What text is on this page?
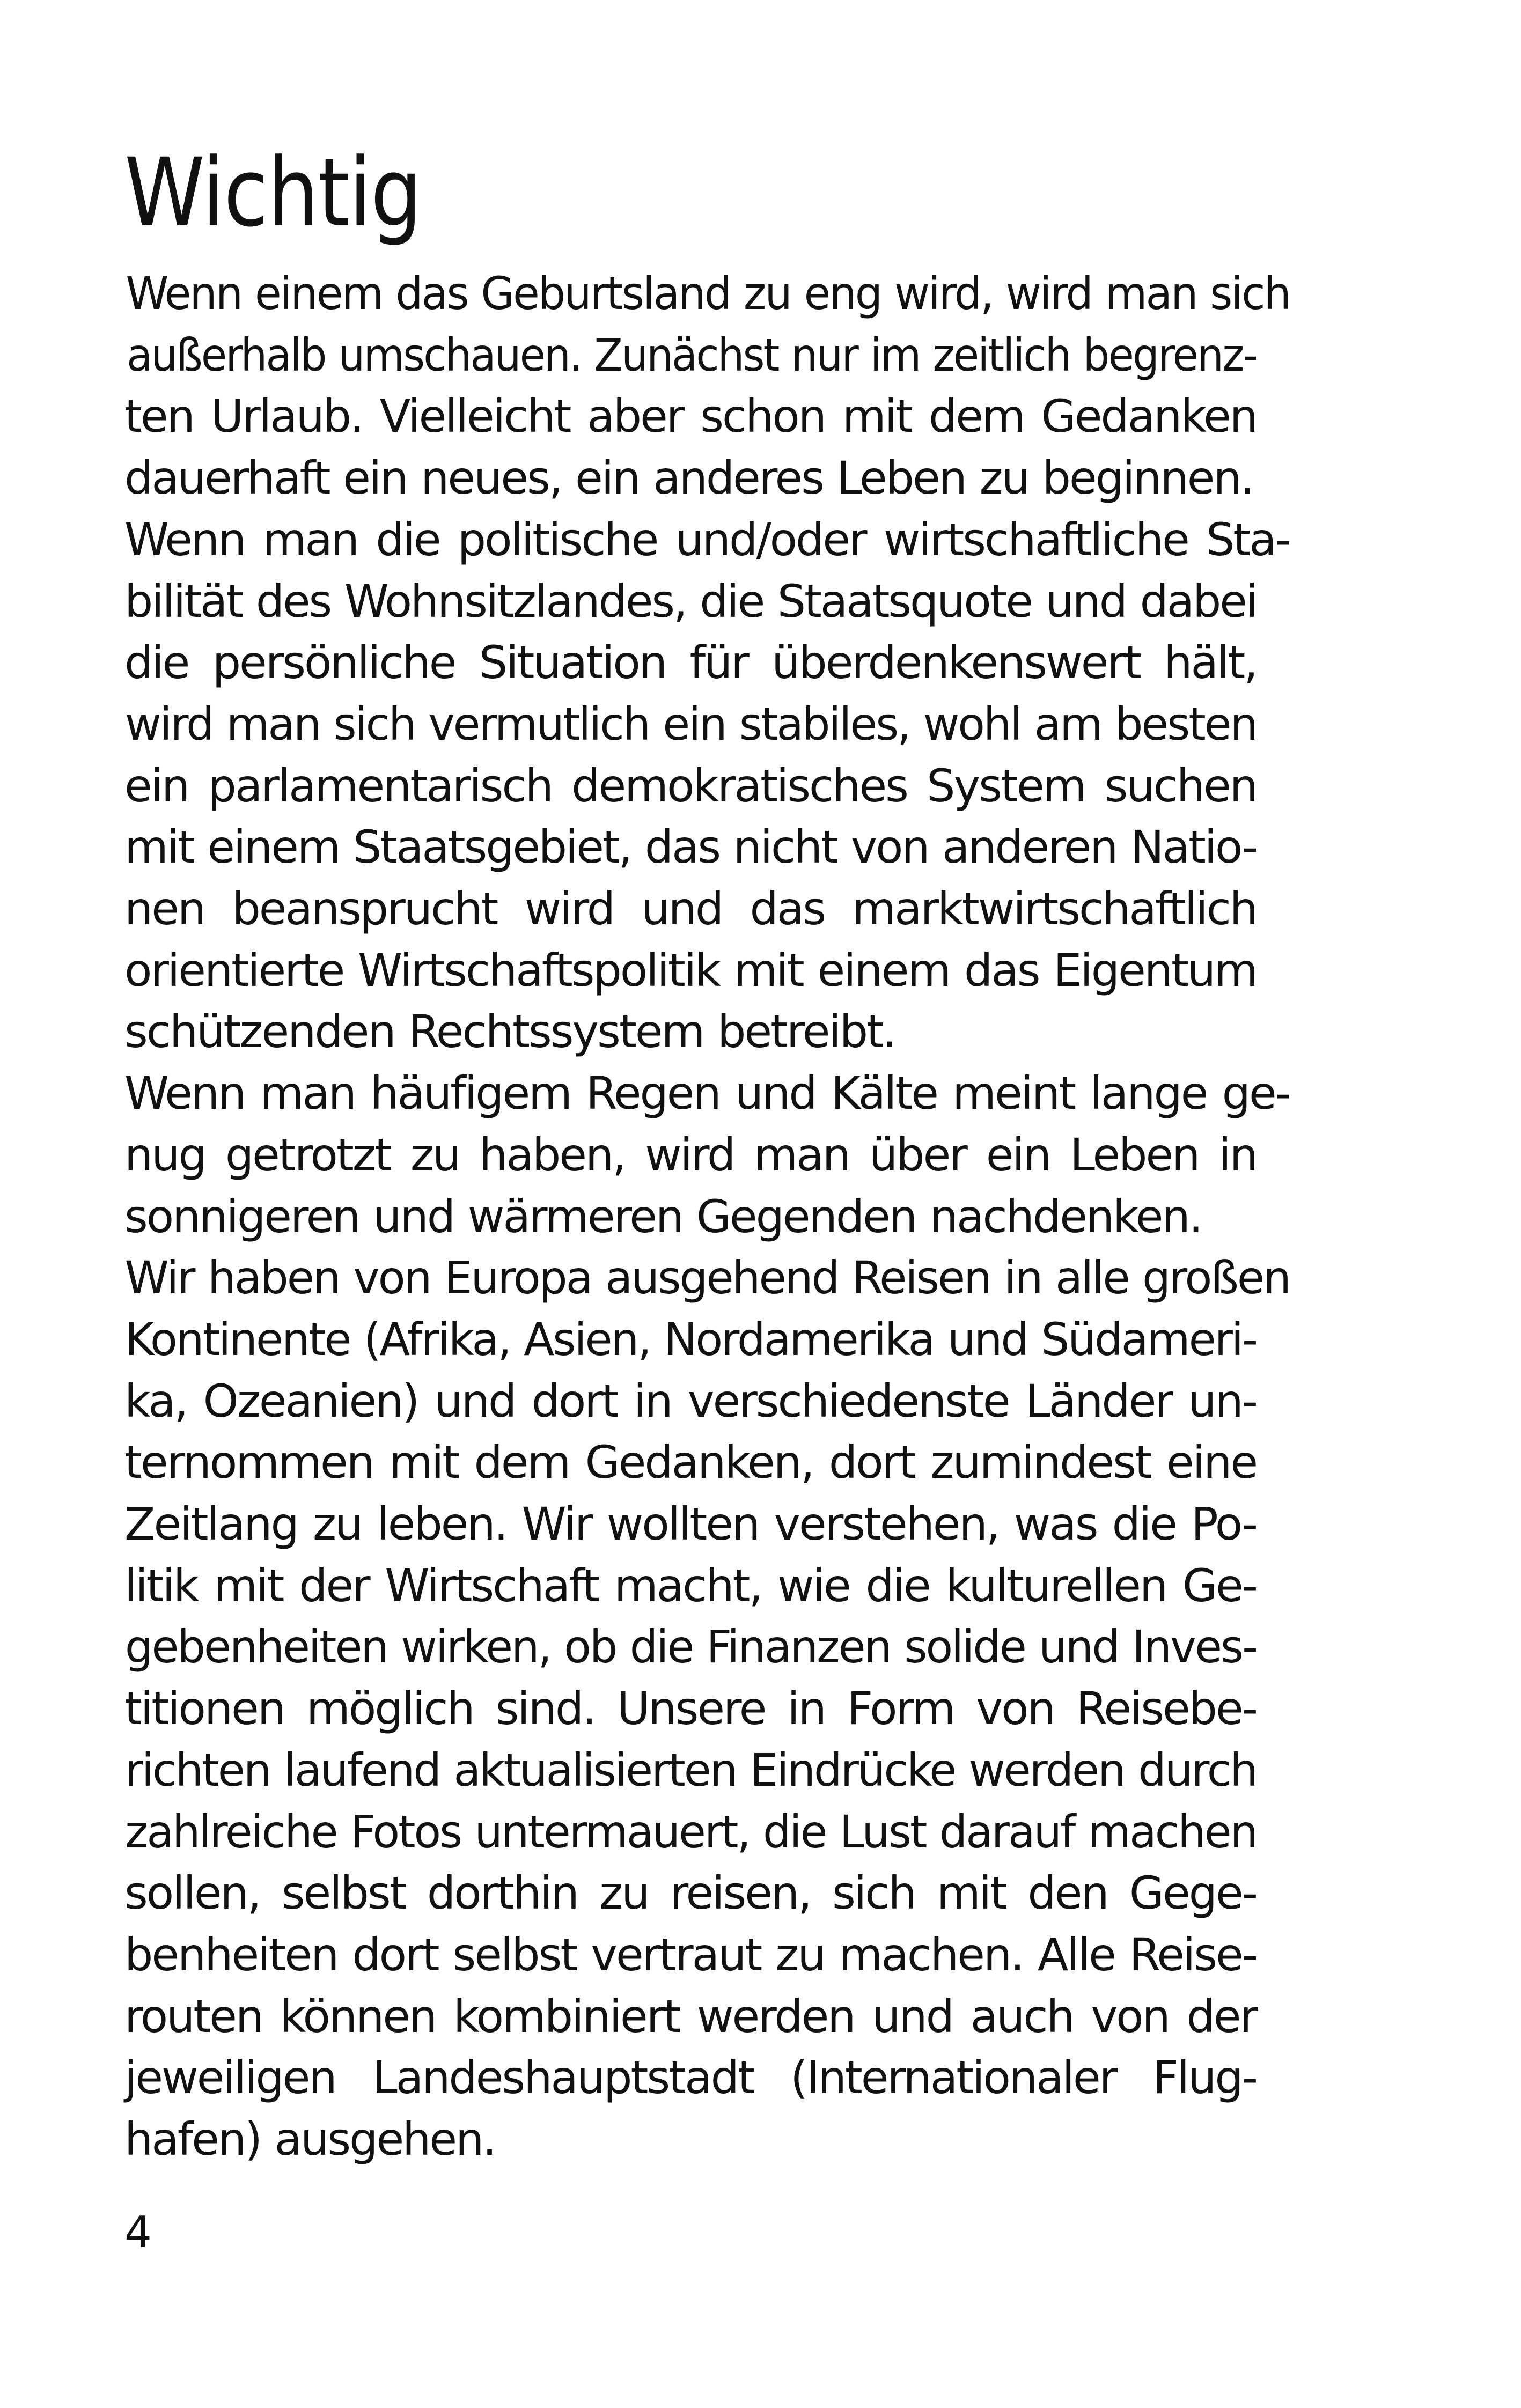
Wichtig
Wenn einem das Geburtsland zu eng wird, wird man sich
außerhalb umschauen. Zunächst nur im zeitlich begrenz-
ten Urlaub. Vielleicht aber schon mit dem Gedanken
dauerhaft ein neues, ein anderes Leben zu beginnen.
Wenn man die politische und/oder wirtschaftliche Sta-
bilität des Wohnsitzlandes, die Staatsquote und dabei
die persönliche Situation für überdenkenswert hält,
wird man sich vermutlich ein stabiles, wohl am besten
ein parlamentarisch demokratisches System suchen
mit einem Staatsgebiet, das nicht von anderen Natio-
nen beansprucht wird und das marktwirtschaftlich
orientierte Wirtschaftspolitik mit einem das Eigentum
schützenden Rechtssystem betreibt.
Wenn man häufigem Regen und Kälte meint lange ge-
nug getrotzt zu haben, wird man über ein Leben in
sonnigeren und wärmeren Gegenden nachdenken.
Wir haben von Europa ausgehend Reisen in alle großen
Kontinente (Afrika, Asien, Nordamerika und Südameri-
ka, Ozeanien) und dort in verschiedenste Länder un-
ternommen mit dem Gedanken, dort zumindest eine
Zeitlang zu leben. Wir wollten verstehen, was die Po-
litik mit der Wirtschaft macht, wie die kulturellen Ge-
gebenheiten wirken, ob die Finanzen solide und Inves-
titionen möglich sind. Unsere in Form von Reisebe-
richten laufend aktualisierten Eindrücke werden durch
zahlreiche Fotos untermauert, die Lust darauf machen
sollen, selbst dorthin zu reisen, sich mit den Gege-
benheiten dort selbst vertraut zu machen. Alle Reise-
routen können kombiniert werden und auch von der
jeweiligen Landeshauptstadt (Internationaler Flug-
hafen) ausgehen.

4
